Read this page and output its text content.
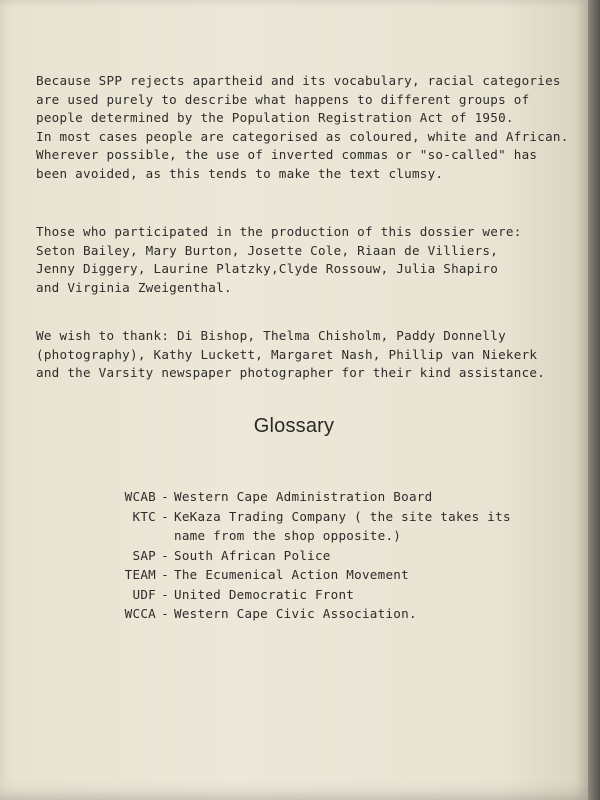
Because SPP rejects apartheid and its vocabulary, racial categories
are used purely to describe what happens to different groups of
people determined by the Population Registration Act of 1950.
In most cases people are categorised as coloured, white and African.
Wherever possible, the use of inverted commas or "so-called" has
been avoided, as this tends to make the text clumsy.
Those who participated in the production of this dossier were:
Seton Bailey, Mary Burton, Josette Cole, Riaan de Villiers,
Jenny Diggery, Laurine Platzky,Clyde Rossouw, Julia Shapiro
and Virginia Zweigenthal.
We wish to thank: Di Bishop, Thelma Chisholm, Paddy Donnelly
(photography), Kathy Luckett, Margaret Nash, Phillip van Niekerk
and the Varsity newspaper photographer for their kind assistance.
Glossary
WCAB - Western Cape Administration Board
KTC - KeKaza Trading Company ( the site takes its
name from the shop opposite.)
SAP - South African Police
TEAM - The Ecumenical Action Movement
UDF - United Democratic Front
WCCA - Western Cape Civic Association.
